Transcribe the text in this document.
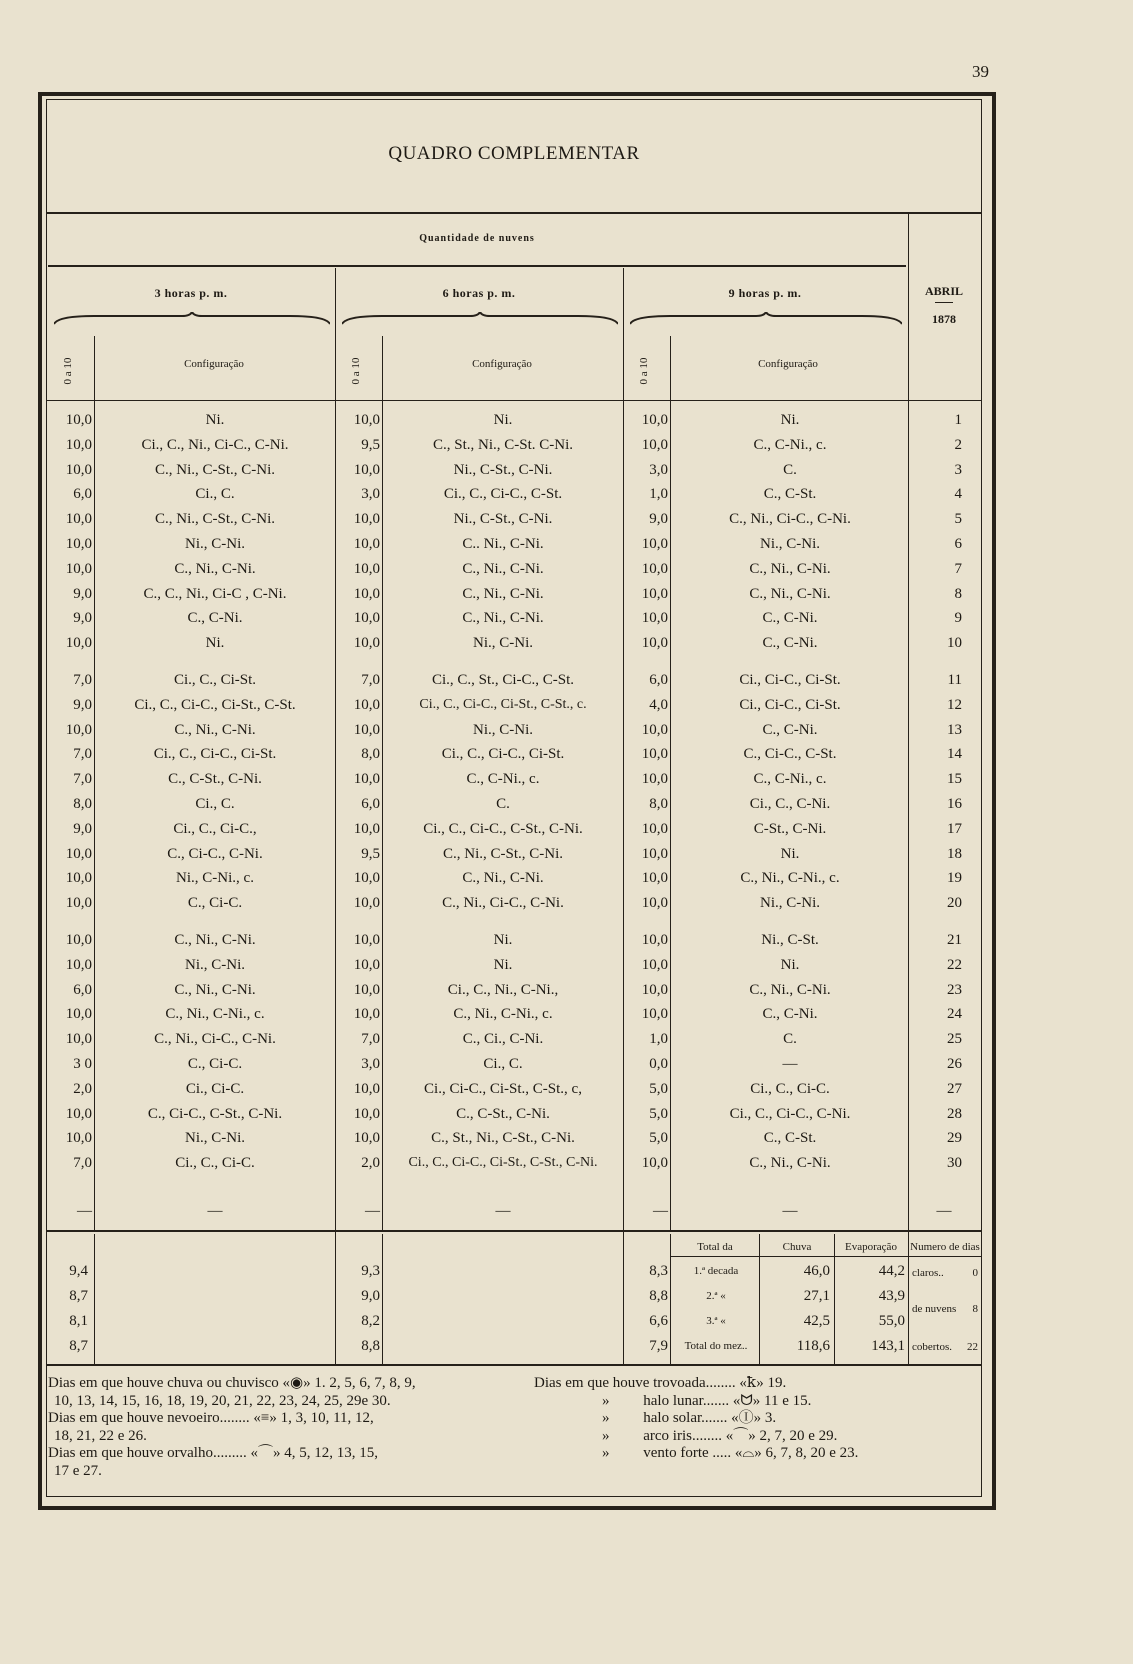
39
QUADRO COMPLEMENTAR
Quantidade de nuvens
3 horas p. m.	6 horas p. m.	9 horas p. m.	ABRIL
1878
0 a 10	0 a 10	0 a 10
Configuração	Configuração	Configuração
10,0	Ni.	10,0	Ni.	10,0	Ni.	1
10,0	Ci., C., Ni., Ci-C., C-Ni.	9,5	C., St., Ni., C-St. C-Ni.	10,0	C., C-Ni., c.	2
10,0	C., Ni., C-St., C-Ni.	10,0	Ni., C-St., C-Ni.	3,0	C.	3
6,0	Ci., C.	3,0	Ci., C., Ci-C., C-St.	1,0	C., C-St.	4
10,0	C., Ni., C-St., C-Ni.	10,0	Ni., C-St., C-Ni.	9,0	C., Ni., Ci-C., C-Ni.	5
10,0	Ni., C-Ni.	10,0	C.. Ni., C-Ni.	10,0	Ni., C-Ni.	6
10,0	C., Ni., C-Ni.	10,0	C., Ni., C-Ni.	10,0	C., Ni., C-Ni.	7
9,0	C., C., Ni., Ci-C , C-Ni.	10,0	C., Ni., C-Ni.	10,0	C., Ni., C-Ni.	8
9,0	C., C-Ni.	10,0	C., Ni., C-Ni.	10,0	C., C-Ni.	9
10,0	Ni.	10,0	Ni., C-Ni.	10,0	C., C-Ni.	10
7,0	Ci., C., Ci-St.	7,0	Ci., C., St., Ci-C., C-St.	6,0	Ci., Ci-C., Ci-St.	11
9,0	Ci., C., Ci-C., Ci-St., C-St.	10,0	Ci., C., Ci-C., Ci-St., C-St., c.	4,0	Ci., Ci-C., Ci-St.	12
10,0	C., Ni., C-Ni.	10,0	Ni., C-Ni.	10,0	C., C-Ni.	13
7,0	Ci., C., Ci-C., Ci-St.	8,0	Ci., C., Ci-C., Ci-St.	10,0	C., Ci-C., C-St.	14
7,0	C., C-St., C-Ni.	10,0	C., C-Ni., c.	10,0	C., C-Ni., c.	15
8,0	Ci., C.	6,0	C.	8,0	Ci., C., C-Ni.	16
9,0	Ci., C., Ci-C.,	10,0	Ci., C., Ci-C., C-St., C-Ni.	10,0	C-St., C-Ni.	17
10,0	C., Ci-C., C-Ni.	9,5	C., Ni., C-St., C-Ni.	10,0	Ni.	18
10,0	Ni., C-Ni., c.	10,0	C., Ni., C-Ni.	10,0	C., Ni., C-Ni., c.	19
10,0	C., Ci-C.	10,0	C., Ni., Ci-C., C-Ni.	10,0	Ni., C-Ni.	20
10,0	C., Ni., C-Ni.	10,0	Ni.	10,0	Ni., C-St.	21
10,0	Ni., C-Ni.	10,0	Ni.	10,0	Ni.	22
6,0	C., Ni., C-Ni.	10,0	Ci., C., Ni., C-Ni.,	10,0	C., Ni., C-Ni.	23
10,0	C., Ni., C-Ni., c.	10,0	C., Ni., C-Ni., c.	10,0	C., C-Ni.	24
10,0	C., Ni., Ci-C., C-Ni.	7,0	C., Ci., C-Ni.	1,0	C.	25
3 0	C., Ci-C.	3,0	Ci., C.	0,0	—	26
2,0	Ci., Ci-C.	10,0	Ci., Ci-C., Ci-St., C-St., c,	5,0	Ci., C., Ci-C.	27
10,0	C., Ci-C., C-St., C-Ni.	10,0	C., C-St., C-Ni.	5,0	Ci., C., Ci-C., C-Ni.	28
10,0	Ni., C-Ni.	10,0	C., St., Ni., C-St., C-Ni.	5,0	C., C-St.	29
7,0	Ci., C., Ci-C.	2,0	Ci., C., Ci-C., Ci-St., C-St., C-Ni.	10,0	C., Ni., C-Ni.	30
—	—	—	—	—	—	—
Total da	Chuva	Evaporação	Numero de dias
claros..	0
de nuvens	8
cobertos.	22
9,4	9,3	8,3	1.ª decada	46,0	44,2
8,7	9,0	8,8	2.ª «	27,1	43,9
8,1	8,2	6,6	3.ª «	42,5	55,0
8,7	8,8	7,9	Total do mez..	118,6	143,1
Dias em que houve chuva ou chuvisco «◉» 1. 2, 5, 6, 7, 8, 9,
10, 13, 14, 15, 16, 18, 19, 20, 21, 22, 23, 24, 25, 29e 30.
Dias em que houve nevoeiro........ «≡» 1, 3, 10, 11, 12,
18, 21, 22 e 26.
Dias em que houve orvalho......... «⌒» 4, 5, 12, 13, 15,
17 e 27.
Dias em que houve trovoada........ «ꝁ» 19.
»         halo lunar....... «ᗢ» 11 e 15.
»         halo solar....... «Ⓘ» 3.
»         arco iris........ «⌒» 2, 7, 20 e 29.
»         vento forte ..... «⌓» 6, 7, 8, 20 e 23.
